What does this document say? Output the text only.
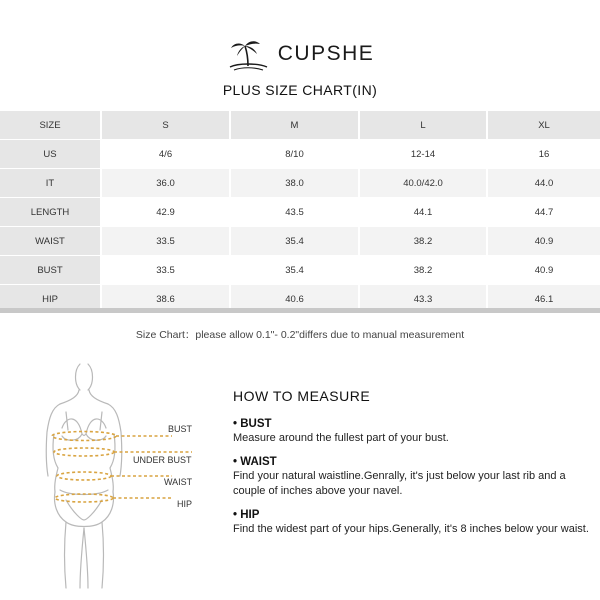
CUPSHE
PLUS SIZE CHART(IN)
SIZE	S	M	L	XL
US	4/6	8/10	12-14	16
IT	36.0	38.0	40.0/42.0	44.0
LENGTH	42.9	43.5	44.1	44.7
WAIST	33.5	35.4	38.2	40.9
BUST	33.5	35.4	38.2	40.9
HIP	38.6	40.6	43.3	46.1
Size Chart：please allow 0.1"- 0.2"differs due to manual measurement
BUST
UNDER BUST
WAIST
HIP
HOW TO MEASURE
• BUST
Measure around the fullest part of your bust.
• WAIST
Find your natural waistline.Genrally, it's just below your last rib and a couple of inches above your navel.
• HIP
Find the widest part of your hips.Generally, it's 8 inches below your waist.
